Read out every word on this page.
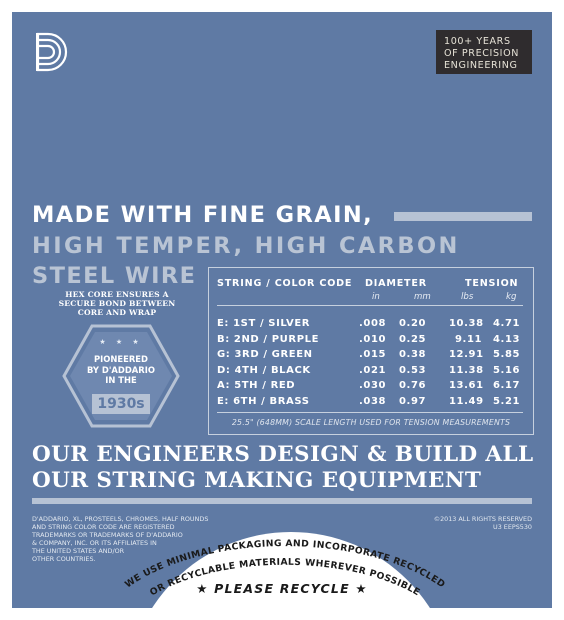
100+ YEARS
OF PRECISION
ENGINEERING
MADE WITH FINE GRAIN,
HIGH TEMPER, HIGH CARBON
STEEL WIRE
HEX CORE ENSURES A
SECURE BOND BETWEEN
CORE AND WRAP
★ ★ ★
PIONEERED
BY D'ADDARIO
IN THE
1930s
STRING / COLOR CODE DIAMETER	TENSION
in	mm	lbs	kg
E: 1ST / SILVER	.008 0.20 10.38 4.71
B: 2ND / PURPLE	.010 0.25	9.11 4.13
G: 3RD / GREEN	.015 0.38 12.91 5.85
D: 4TH / BLACK	.021 0.53 11.38 5.16
A: 5TH / RED	.030 0.76 13.61 6.17
E: 6TH / BRASS	.038 0.97 11.49 5.21
25.5" (648MM) SCALE LENGTH USED FOR TENSION MEASUREMENTS
OUR ENGINEERS DESIGN & BUILD ALL
OUR STRING MAKING EQUIPMENT
D'ADDARIO, XL, PROSTEELS, CHROMES, HALF ROUNDS
AND STRING COLOR CODE ARE REGISTERED
TRADEMARKS OR TRADEMARKS OF D'ADDARIO
& COMPANY, INC. OR ITS AFFILIATES IN
THE UNITED STATES AND/OR
OTHER COUNTRIES.
©2013 ALL RIGHTS RESERVED
U3 EEPS530
WE USE MINIMAL PACKAGING AND INCORPORATE RECYCLED
OR RECYCLABLE MATERIALS WHEREVER POSSIBLE
★ PLEASE RECYCLE ★
